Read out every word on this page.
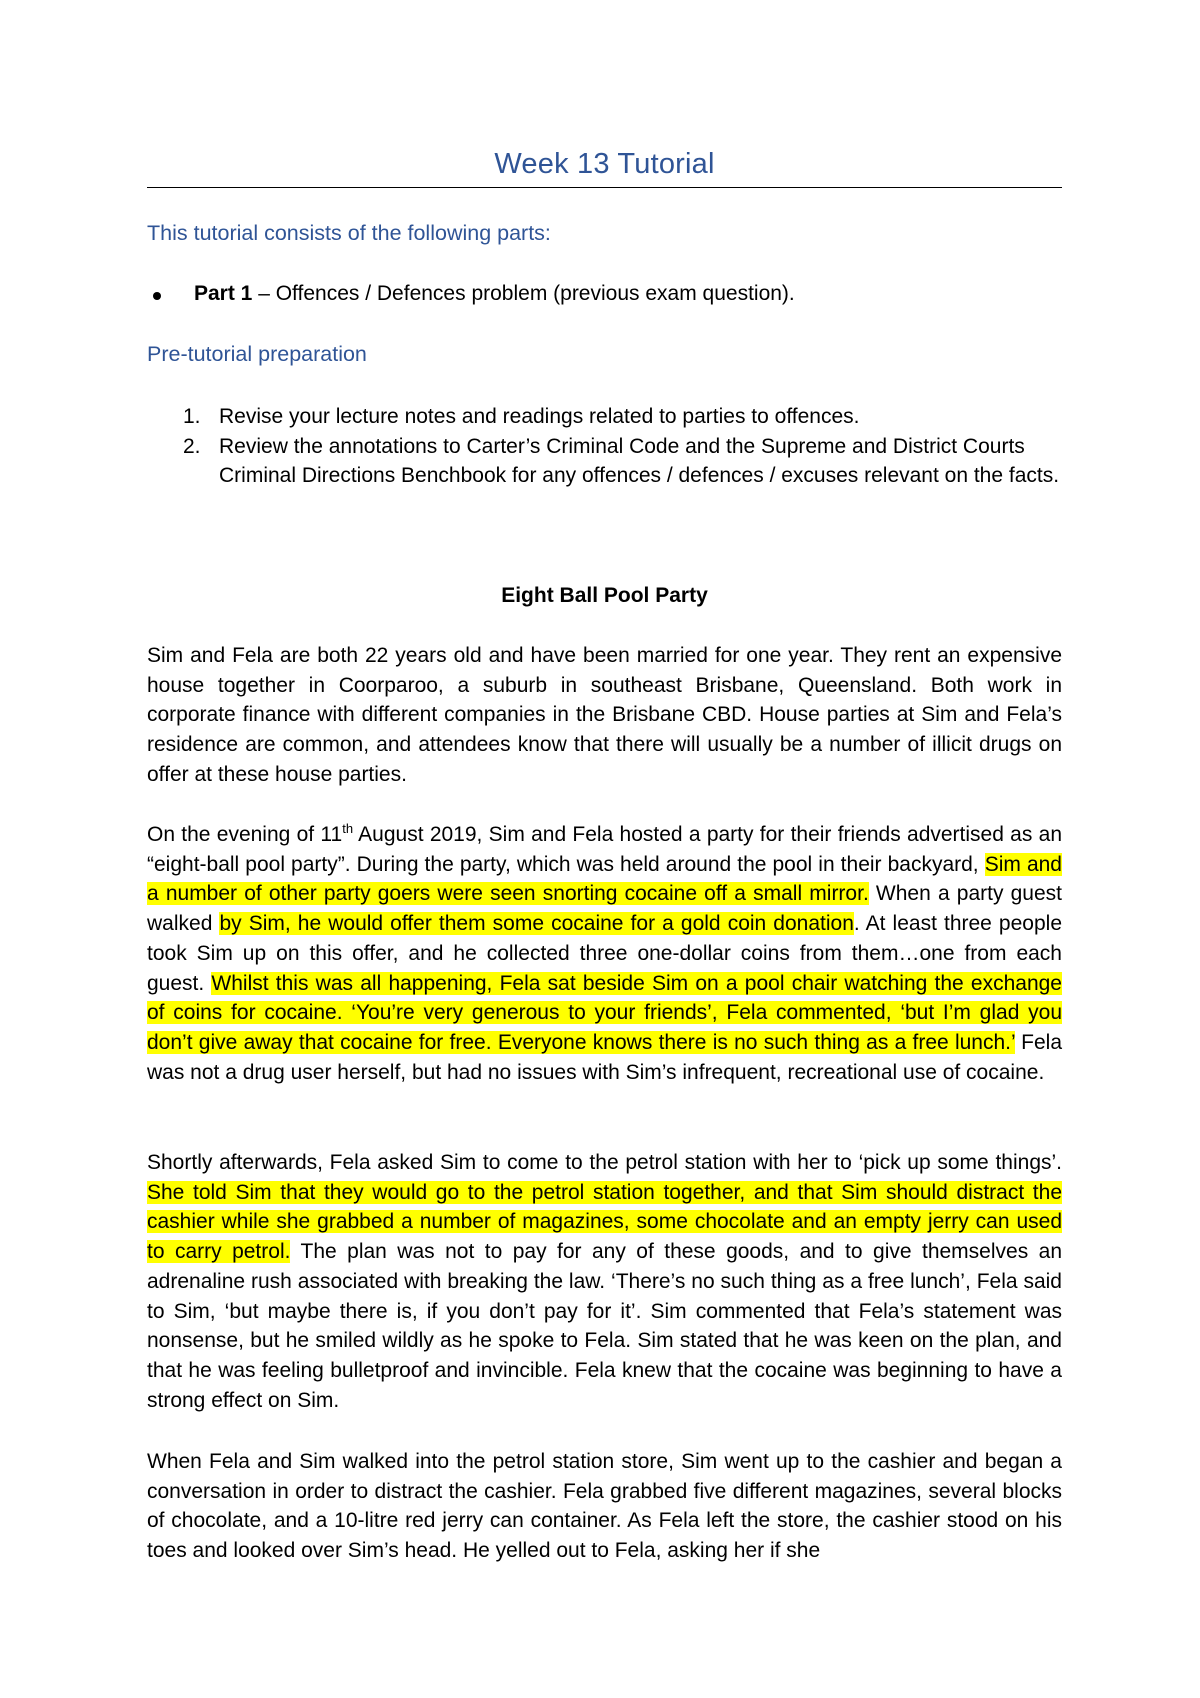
Week 13 Tutorial
This tutorial consists of the following parts:
Part 1 – Offences / Defences problem (previous exam question).
Pre-tutorial preparation
1. Revise your lecture notes and readings related to parties to offences.
2. Review the annotations to Carter’s Criminal Code and the Supreme and District Courts Criminal Directions Benchbook for any offences / defences / excuses relevant on the facts.
Eight Ball Pool Party
Sim and Fela are both 22 years old and have been married for one year. They rent an expensive house together in Coorparoo, a suburb in southeast Brisbane, Queensland. Both work in corporate finance with different companies in the Brisbane CBD. House parties at Sim and Fela’s residence are common, and attendees know that there will usually be a number of illicit drugs on offer at these house parties.
On the evening of 11th August 2019, Sim and Fela hosted a party for their friends advertised as an “eight-ball pool party”. During the party, which was held around the pool in their backyard, Sim and a number of other party goers were seen snorting cocaine off a small mirror. When a party guest walked by Sim, he would offer them some cocaine for a gold coin donation. At least three people took Sim up on this offer, and he collected three one-dollar coins from them…one from each guest. Whilst this was all happening, Fela sat beside Sim on a pool chair watching the exchange of coins for cocaine. ‘You’re very generous to your friends’, Fela commented, ‘but I’m glad you don’t give away that cocaine for free. Everyone knows there is no such thing as a free lunch.’ Fela was not a drug user herself, but had no issues with Sim’s infrequent, recreational use of cocaine.
Shortly afterwards, Fela asked Sim to come to the petrol station with her to ‘pick up some things’. She told Sim that they would go to the petrol station together, and that Sim should distract the cashier while she grabbed a number of magazines, some chocolate and an empty jerry can used to carry petrol. The plan was not to pay for any of these goods, and to give themselves an adrenaline rush associated with breaking the law. ‘There’s no such thing as a free lunch’, Fela said to Sim, ‘but maybe there is, if you don’t pay for it’. Sim commented that Fela’s statement was nonsense, but he smiled wildly as he spoke to Fela. Sim stated that he was keen on the plan, and that he was feeling bulletproof and invincible. Fela knew that the cocaine was beginning to have a strong effect on Sim.
When Fela and Sim walked into the petrol station store, Sim went up to the cashier and began a conversation in order to distract the cashier. Fela grabbed five different magazines, several blocks of chocolate, and a 10-litre red jerry can container. As Fela left the store, the cashier stood on his toes and looked over Sim’s head. He yelled out to Fela, asking her if she
